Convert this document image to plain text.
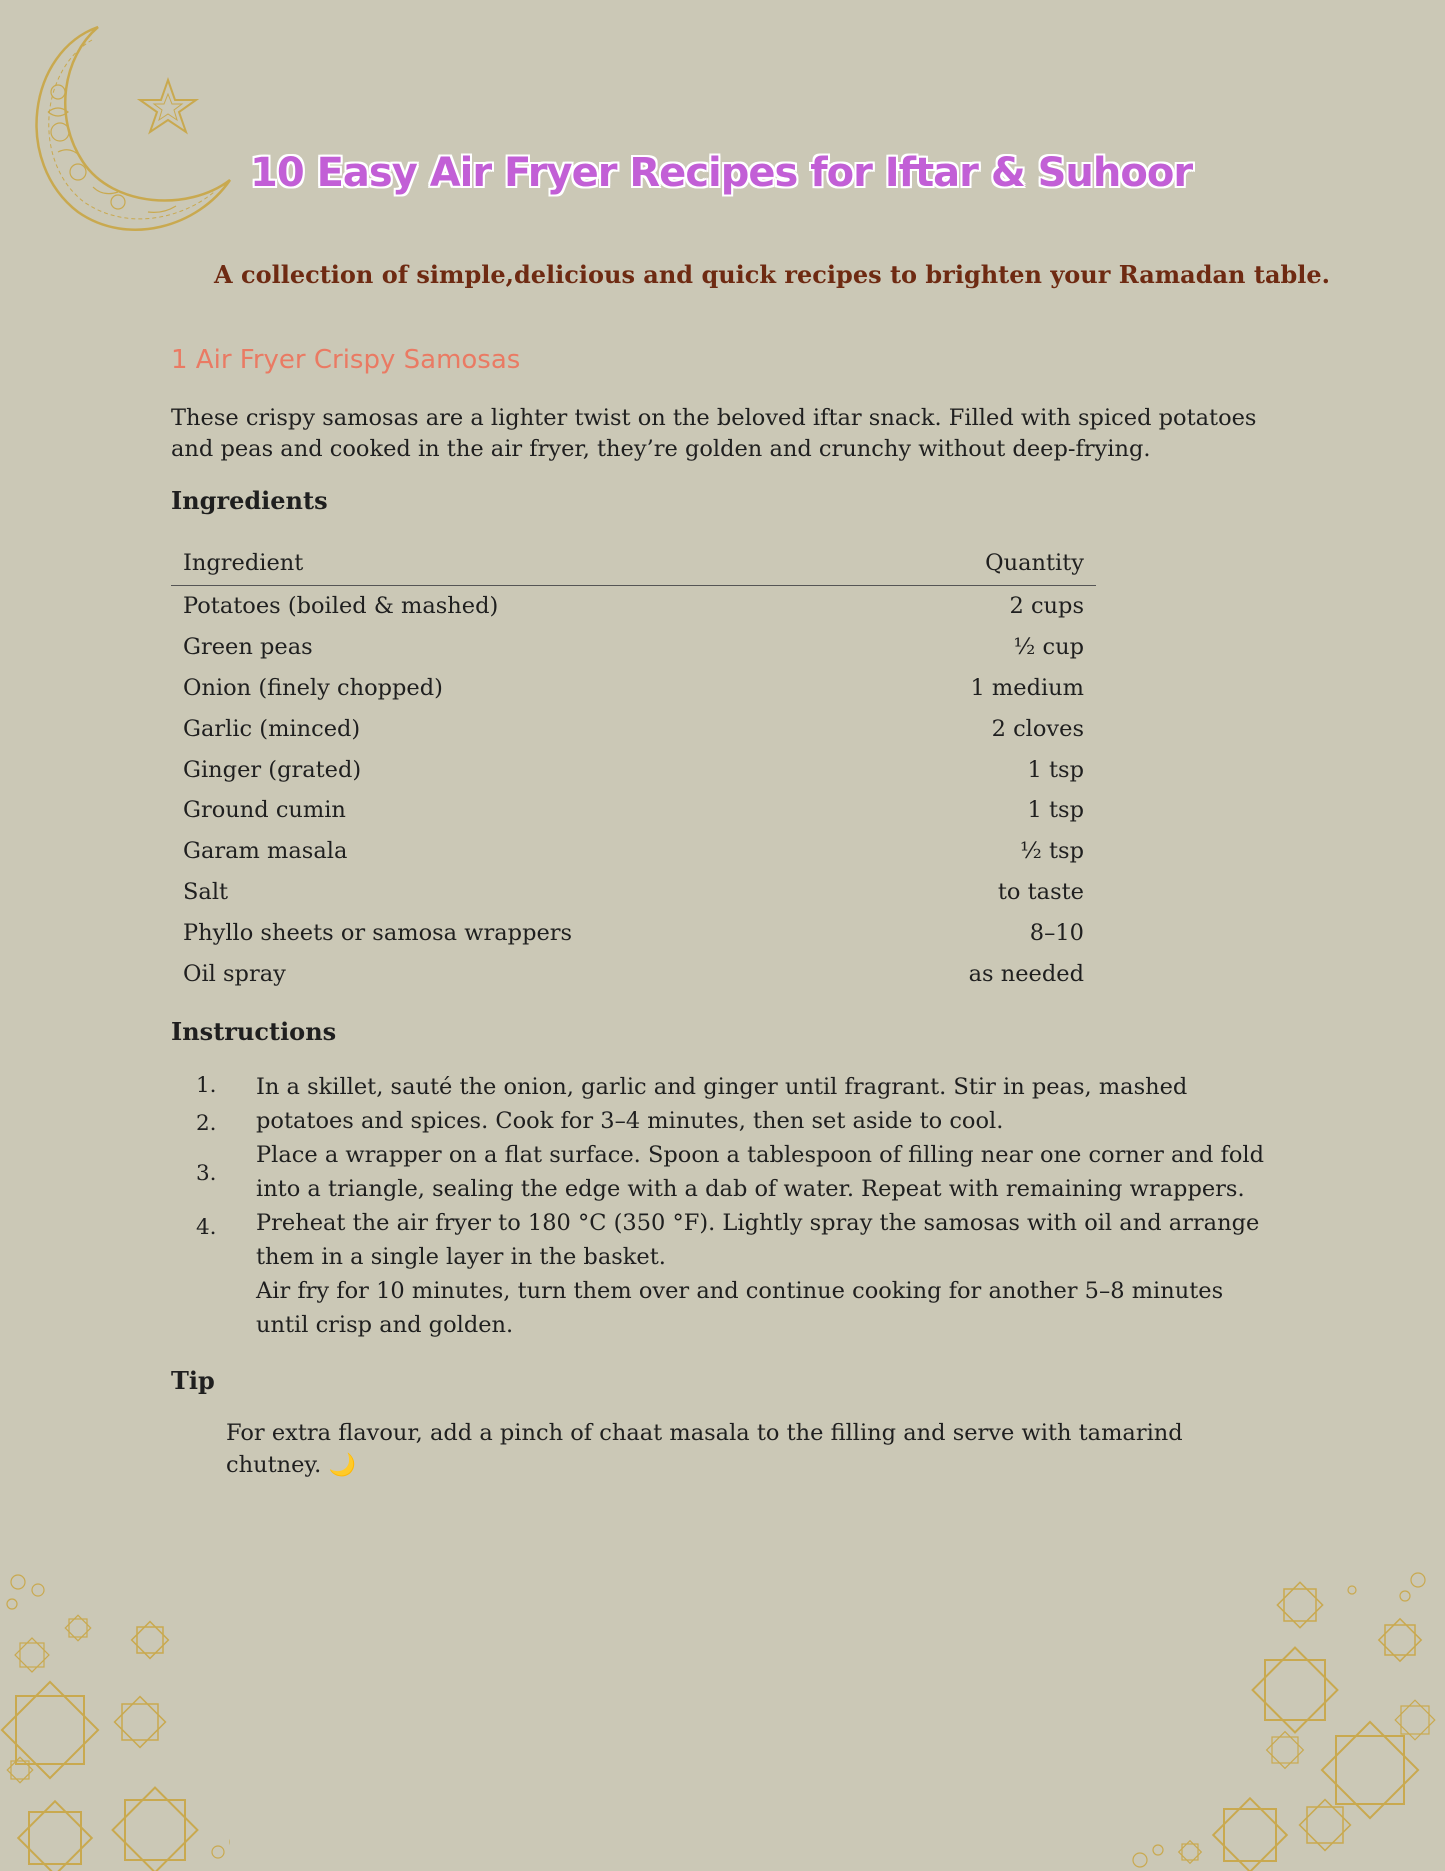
10 Easy Air Fryer Recipes for Iftar & Suhoor
A collection of simple,delicious and quick recipes to brighten your Ramadan table.
1 Air Fryer Crispy Samosas
These crispy samosas are a lighter twist on the beloved iftar snack. Filled with spiced potatoes and peas and cooked in the air fryer, they’re golden and crunchy without deep-frying.
Ingredients
Ingredient	Quantity
Potatoes (boiled & mashed)	2 cups
Green peas	½ cup
Onion (finely chopped)	1 medium
Garlic (minced)	2 cloves
Ginger (grated)	1 tsp
Ground cumin	1 tsp
Garam masala	½ tsp
Salt	to taste
Phyllo sheets or samosa wrappers	8–10
Oil spray	as needed
Instructions
1.
2.
3.
4.

In a skillet, sauté the onion, garlic and ginger until fragrant. Stir in peas, mashed potatoes and spices. Cook for 3–4 minutes, then set aside to cool.

Place a wrapper on a flat surface. Spoon a tablespoon of filling near one corner and fold into a triangle, sealing the edge with a dab of water. Repeat with remaining wrappers.

Preheat the air fryer to 180 °C (350 °F). Lightly spray the samosas with oil and arrange them in a single layer in the basket.

Air fry for 10 minutes, turn them over and continue cooking for another 5–8 minutes until crisp and golden.

Tip
For extra flavour, add a pinch of chaat masala to the filling and serve with tamarind chutney. 🌙
